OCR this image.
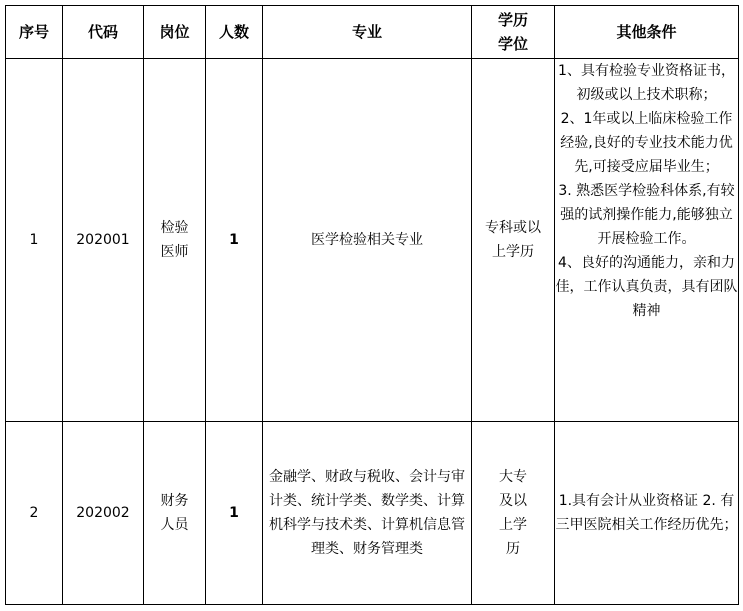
序号	代码	岗位	人数	专业	学历学位	其他条件
1	202001	检验医师	1	医学检验相关专业	专科或以上学历	1、具有检验专业资格证书，初级或以上技术职称；
2、1年或以上临床检验工作经验,良好的专业技术能力优先,可接受应届毕业生；
3. 熟悉医学检验科体系,有较强的试剂操作能力,能够独立开展检验工作。
4、良好的沟通能力，亲和力佳，工作认真负责，具有团队精神

2	202002	财务人员	1	金融学、财政与税收、会计与审计类、统计学类、数学类、计算机科学与技术类、计算机信息管理类、财务管理类	大专及以上学历	1.具有会计从业资格证 2. 有三甲医院相关工作经历优先；
